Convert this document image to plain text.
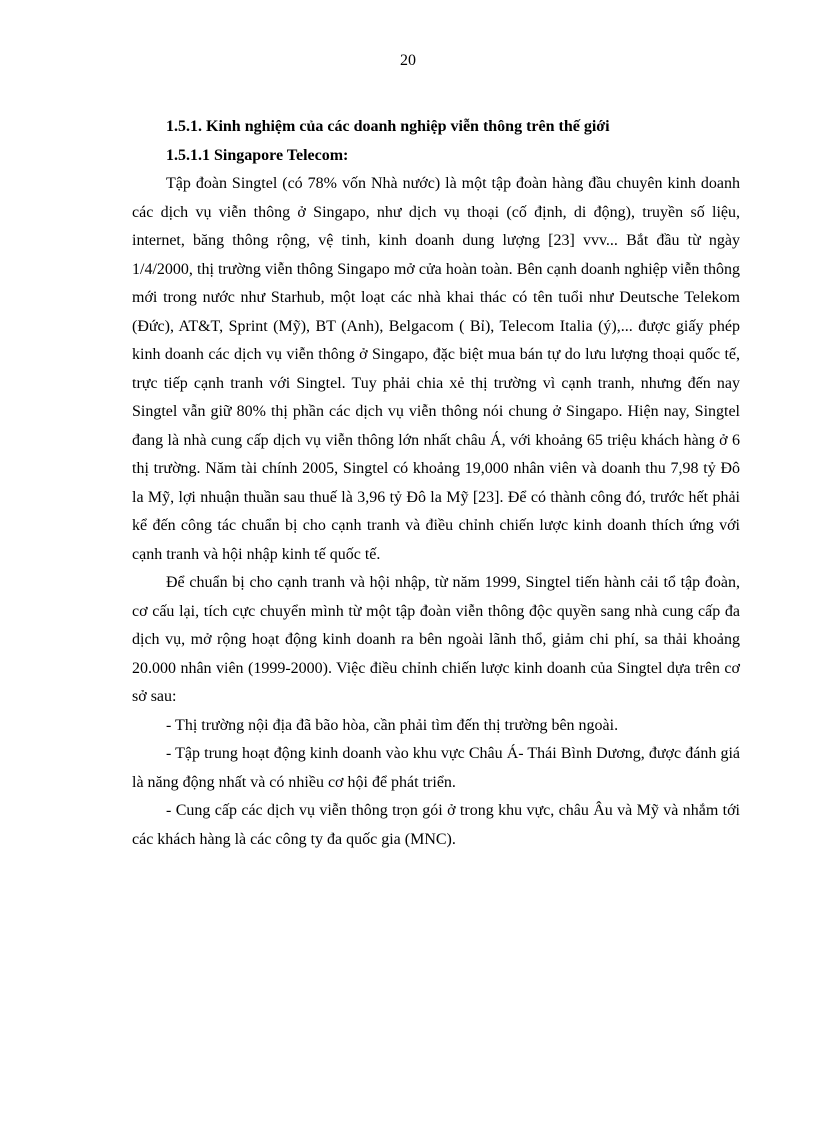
20
1.5.1. Kinh nghiệm của các doanh nghiệp viễn thông trên thế giới
1.5.1.1 Singapore Telecom:

Tập đoàn Singtel (có 78% vốn Nhà nước) là một tập đoàn hàng đầu chuyên kinh doanh các dịch vụ viễn thông ở Singapo, như dịch vụ thoại (cố định, di động), truyền số liệu, internet, băng thông rộng, vệ tinh, kinh doanh dung lượng [23] vvv... Bắt đầu từ ngày 1/4/2000, thị trường viễn thông Singapo mở cửa hoàn toàn. Bên cạnh doanh nghiệp viễn thông mới trong nước như Starhub, một loạt các nhà khai thác có tên tuổi như Deutsche Telekom (Đức), AT&T, Sprint (Mỹ), BT (Anh), Belgacom ( Bỉ), Telecom Italia (ý),... được giấy phép kinh doanh các dịch vụ viễn thông ở Singapo, đặc biệt mua bán tự do lưu lượng thoại quốc tế, trực tiếp cạnh tranh với Singtel. Tuy phải chia xẻ thị trường vì cạnh tranh, nhưng đến nay Singtel vẫn giữ 80% thị phần các dịch vụ viễn thông nói chung ở Singapo. Hiện nay, Singtel đang là nhà cung cấp dịch vụ viễn thông lớn nhất châu Á, với khoảng 65 triệu khách hàng ở 6 thị trường. Năm tài chính 2005, Singtel có khoảng 19,000 nhân viên và doanh thu 7,98 tỷ Đô la Mỹ, lợi nhuận thuần sau thuế là 3,96 tỷ Đô la Mỹ [23]. Để có thành công đó, trước hết phải kể đến công tác chuẩn bị cho cạnh tranh và điều chỉnh chiến lược kinh doanh thích ứng với cạnh tranh và hội nhập kinh tế quốc tế.

Để chuẩn bị cho cạnh tranh và hội nhập, từ năm 1999, Singtel tiến hành cải tổ tập đoàn, cơ cấu lại, tích cực chuyển mình từ một tập đoàn viễn thông độc quyền sang nhà cung cấp đa dịch vụ, mở rộng hoạt động kinh doanh ra bên ngoài lãnh thổ, giảm chi phí, sa thải khoảng 20.000 nhân viên (1999-2000). Việc điều chỉnh chiến lược kinh doanh của Singtel dựa trên cơ sở sau:

- Thị trường nội địa đã bão hòa, cần phải tìm đến thị trường bên ngoài.

- Tập trung hoạt động kinh doanh vào khu vực Châu Á- Thái Bình Dương, được đánh giá là năng động nhất và có nhiều cơ hội để phát triển.

- Cung cấp các dịch vụ viễn thông trọn gói ở trong khu vực, châu Âu và Mỹ và nhắm tới các khách hàng là các công ty đa quốc gia (MNC).
